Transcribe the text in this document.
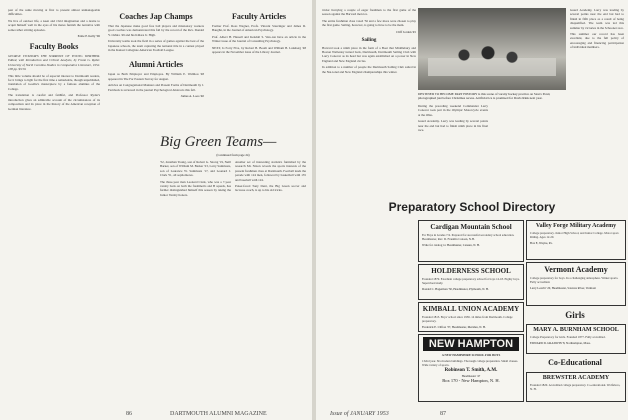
past of the same moving at first to present almost unmanageable difficulties.

We live of outdoor life, a keen and vivid imagination and a desire to acquit himself well in the eyes of his mates furnish the narrative with some rather stirring episodes.

Ernie P. Kelly '06
Faculty Books

GEORGE TICKNOR'S THE SORROWS OF YOUNG WERTHER. Edited, with Introduction and Critical Analysis, by Frank G. Ryder. University of North Carolina Studies in Comparative Literature, 1952. 108 pp. $3.50.

This little volume should be of especial interest to Dartmouth readers, for it brings to light for the first time a remarkable, though unpublished, translation of Goethe's masterpiece by a famous alumnus of the College.

The translation is careful and faithful, and Professor Ryder's introduction gives an admirable account of the circumstances of its composition and its place in the history of the American reception of German literature.

Coaches Jap Champs

That the Japanese make good free ball players and missionary workers good coaches was demonstrated this fall by the record of the Rev. Donald Y. Oshiro '49 and his Kihara Jr. High.

University teams took the field in a series of games against the best of the Japanese schools, the team capturing the national title in a contest played in the Kansai Collegiate American Football League.

Alumni Articles

Japan as Both Employer and Employee. By William E. Walthou '48 appeared in The Far Eastern Survey for August.

Articles on Congregational Manners and Present Forms of Dartmouth by J. Fernback is reviewed in the journal Psychological Abstracts this fall.

James A. Loos '40
Faculty Articles

Former Prof. Ross Wagner, Profs. Vincent Starzinger and James D. Baughn, in the Journal of American Psychology.

Prof. Albert H. Hassell and Kendall S. Wes-ton have an article in the Winter issue of the Journal of Consulting Psychology.

NEXT, Is Forty Five, by Robert B. Booth and William B. Lunsberg '48 appears in the November issue of the Library Journal.

Big Green Teams—
(Continued from page 24)

'52, Jonathan Young, son of Robert G. Strong '19, Neill Barker, son of William M. Barker '23, Larry Summons, son of Laurence W. Summons '17, and Leonard J. Clark '51, all sophomores.

The three-year man Leonard Clark, who was a 7-year varsity back on both the freshmen's and B squads, has further distinguished himself this season by taking the Junior Varsity honors.

Another set of interesting statistics furnished by the research Mr. Nixon reveals the sports interests of the present freshmen class at Dartmouth. Football leads the parade with 124 men, followed by basketball with 135 and baseball with 124.

Poker-faced Tony Dent, the Big Green soccer and lacrosse coach, is up to his old tricks.

86	DARTMOUTH ALUMNI MAGAZINE

tricks: hurrying a couple of eager freshmen to the first game of the season against the Harvard men ice.

The entire freshman class voted '56 and a few more were chosen to play the first game. Sailing, however, is going to have to be the main.

Cliff Jordan '45
Sailing

Harvard took a ninth place in the form of a Boat that Middlebury and Boston Wellesley turned back, Dartmouth, Dartmouth Sailing Club with Larry Conover as its head but was again established on a power in New England and New England circles.

In addition to a number of people the Dartmouth Sailing Club sailed in the Nat-ional and New England championships this winter.

DESTINED TO BECOME PART HISTORY is this scene of varsity hockey practice on Storrs Pond, photographed just before Christmas recess. Artificial ice is promised for Davis Rink next year.

During the preceding weekend Commander Larry Conover took part in the Olympic Motorcycle events at the Ohio.

Guard Academy. Larry was leading by several points near the end but had to finish ninth place in his final race.

Guard Academy, Larry was leading by several points near the end but had to finish in fifth place as a result of being disqualified. The team was led this summer by victories in the Schooner race.

This summer our record has been excellent, due to the full policy of encouraging and financing participation of individual members.

Preparatory School Directory
Cardigan Mountain School
For Boys in Grades 7-9. Prepared for successful secondary school education. Headmaster, Rev. D. Franklin Canaan, N.H.
Write for catalog to: Headmaster, Canaan, N. H.
Valley Forge Military Academy
College preparatory. Junior High School, and Junior College. Motor sport. Riding. Ages 12-20.
Box E, Wayne, Pa.
HOLDERNESS SCHOOL
Founded 1879. Excellent college preparatory school for boys 12-18. Eighty boys. Supervised study.
Donald C. Hagerman '30, Headmaster, Plymouth, N. H.
Vermont Academy
College preparatory for boys. In a challenging atmosphere. Winter sports. Fully accredited.
Larry Leavitt '20, Headmaster, Saxtons River, Vermont
KIMBALL UNION ACADEMY
Founded 1813. Boys' school since 1936. 14 miles from Dartmouth. College preparatory.
Frederick E. Clifton '37, Headmaster, Meriden, N. H.
Girls
MARY A. BURNHAM SCHOOL
College Preparatory for Girls. Founded 1877. Fully accredited.
EDWARD D. GRADWIN '8, Northampton, Mass.
NEW HAMPTON
A NEW HAMPSHIRE SCHOOL FOR BOYS
132nd year. Six modern buildings. Thorough college preparation. Small classes. Wide variety of sports.
Robinson T. Smith, A.M.
Headmaster '47
Box 170 - New Hampton, N. H.
Co-Educational
BREWSTER ACADEMY
Founded 1820. Accredited college preparatory. Co-educational. Wolfeboro, N. H.
Issue of JANUARY 1953	87
